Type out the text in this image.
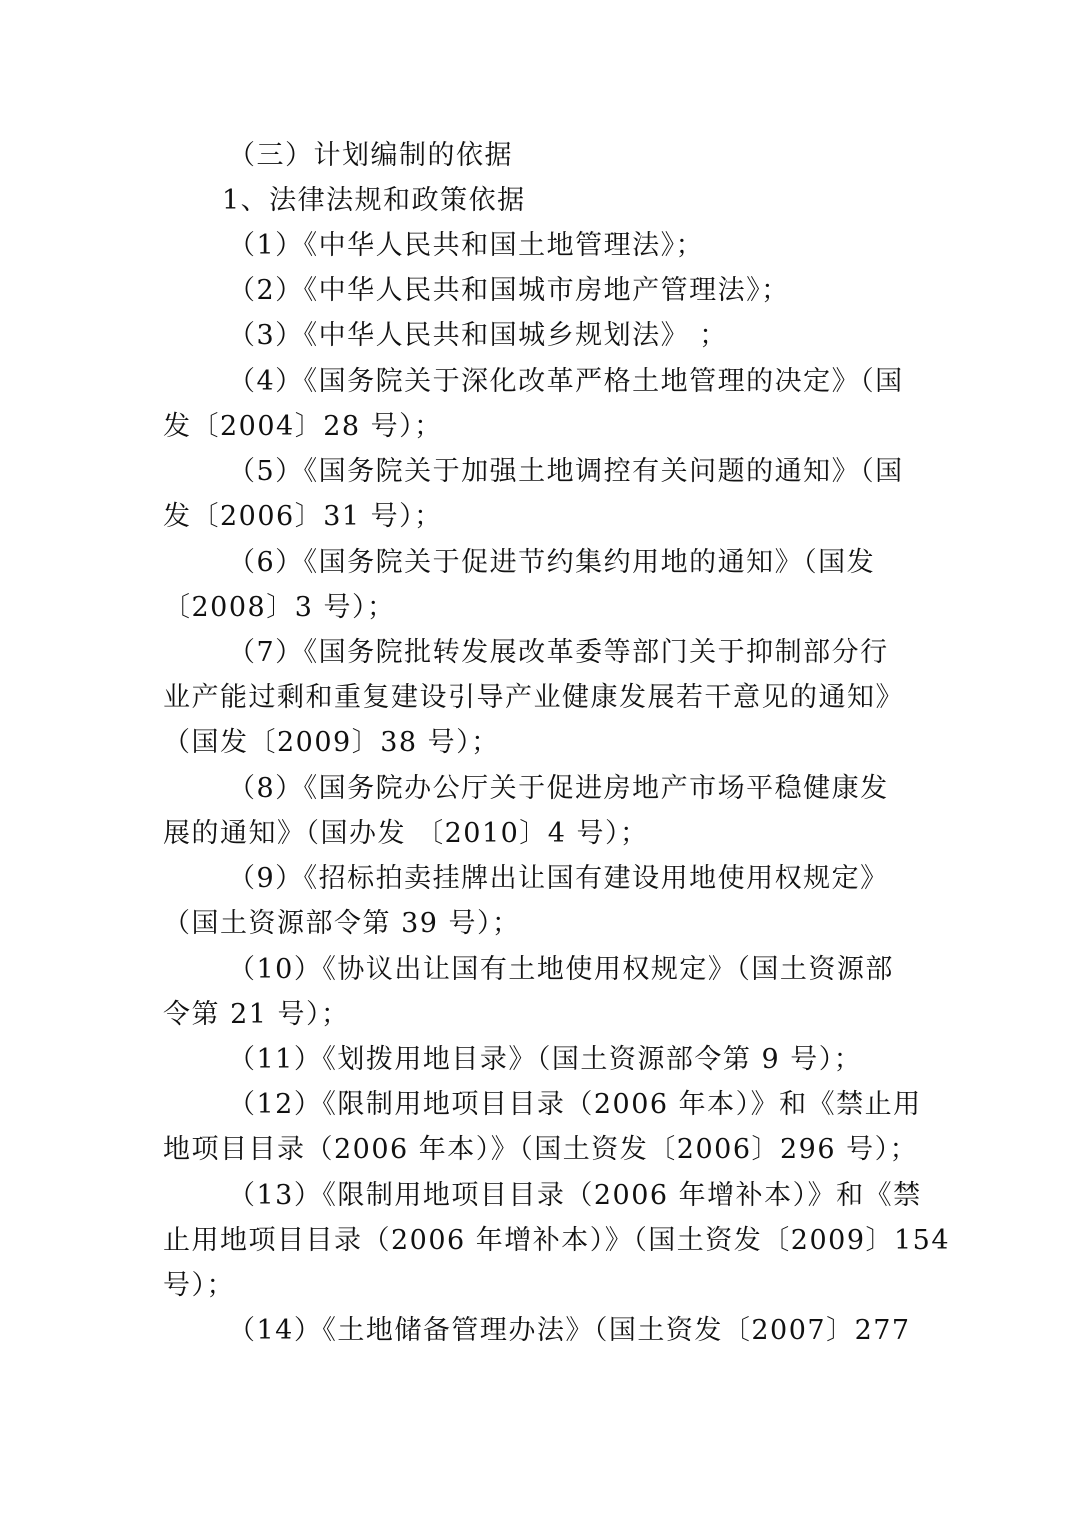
（三）计划编制的依据
1、法律法规和政策依据
（1）《中华人民共和国土地管理法》；
（2）《中华人民共和国城市房地产管理法》；
（3）《中华人民共和国城乡规划法》 ；
（4）《国务院关于深化改革严格土地管理的决定》（国
发〔2004〕28 号）；
（5）《国务院关于加强土地调控有关问题的通知》（国
发〔2006〕31 号）；
（6）《国务院关于促进节约集约用地的通知》（国发
〔2008〕3 号）；
（7）《国务院批转发展改革委等部门关于抑制部分行
业产能过剩和重复建设引导产业健康发展若干意见的通知》
（国发〔2009〕38 号）；
（8）《国务院办公厅关于促进房地产市场平稳健康发
展的通知》（国办发 〔2010〕4 号）；
（9）《招标拍卖挂牌出让国有建设用地使用权规定》
（国土资源部令第 39 号）；
（10）《协议出让国有土地使用权规定》（国土资源部
令第 21 号）；
（11）《划拨用地目录》（国土资源部令第 9 号）；
（12）《限制用地项目目录（2006 年本）》和《禁止用
地项目目录（2006 年本）》（国土资发〔2006〕296 号）；
（13）《限制用地项目目录（2006 年增补本）》和《禁
止用地项目目录（2006 年增补本）》（国土资发〔2009〕154
号）；
（14）《土地储备管理办法》（国土资发〔2007〕277
